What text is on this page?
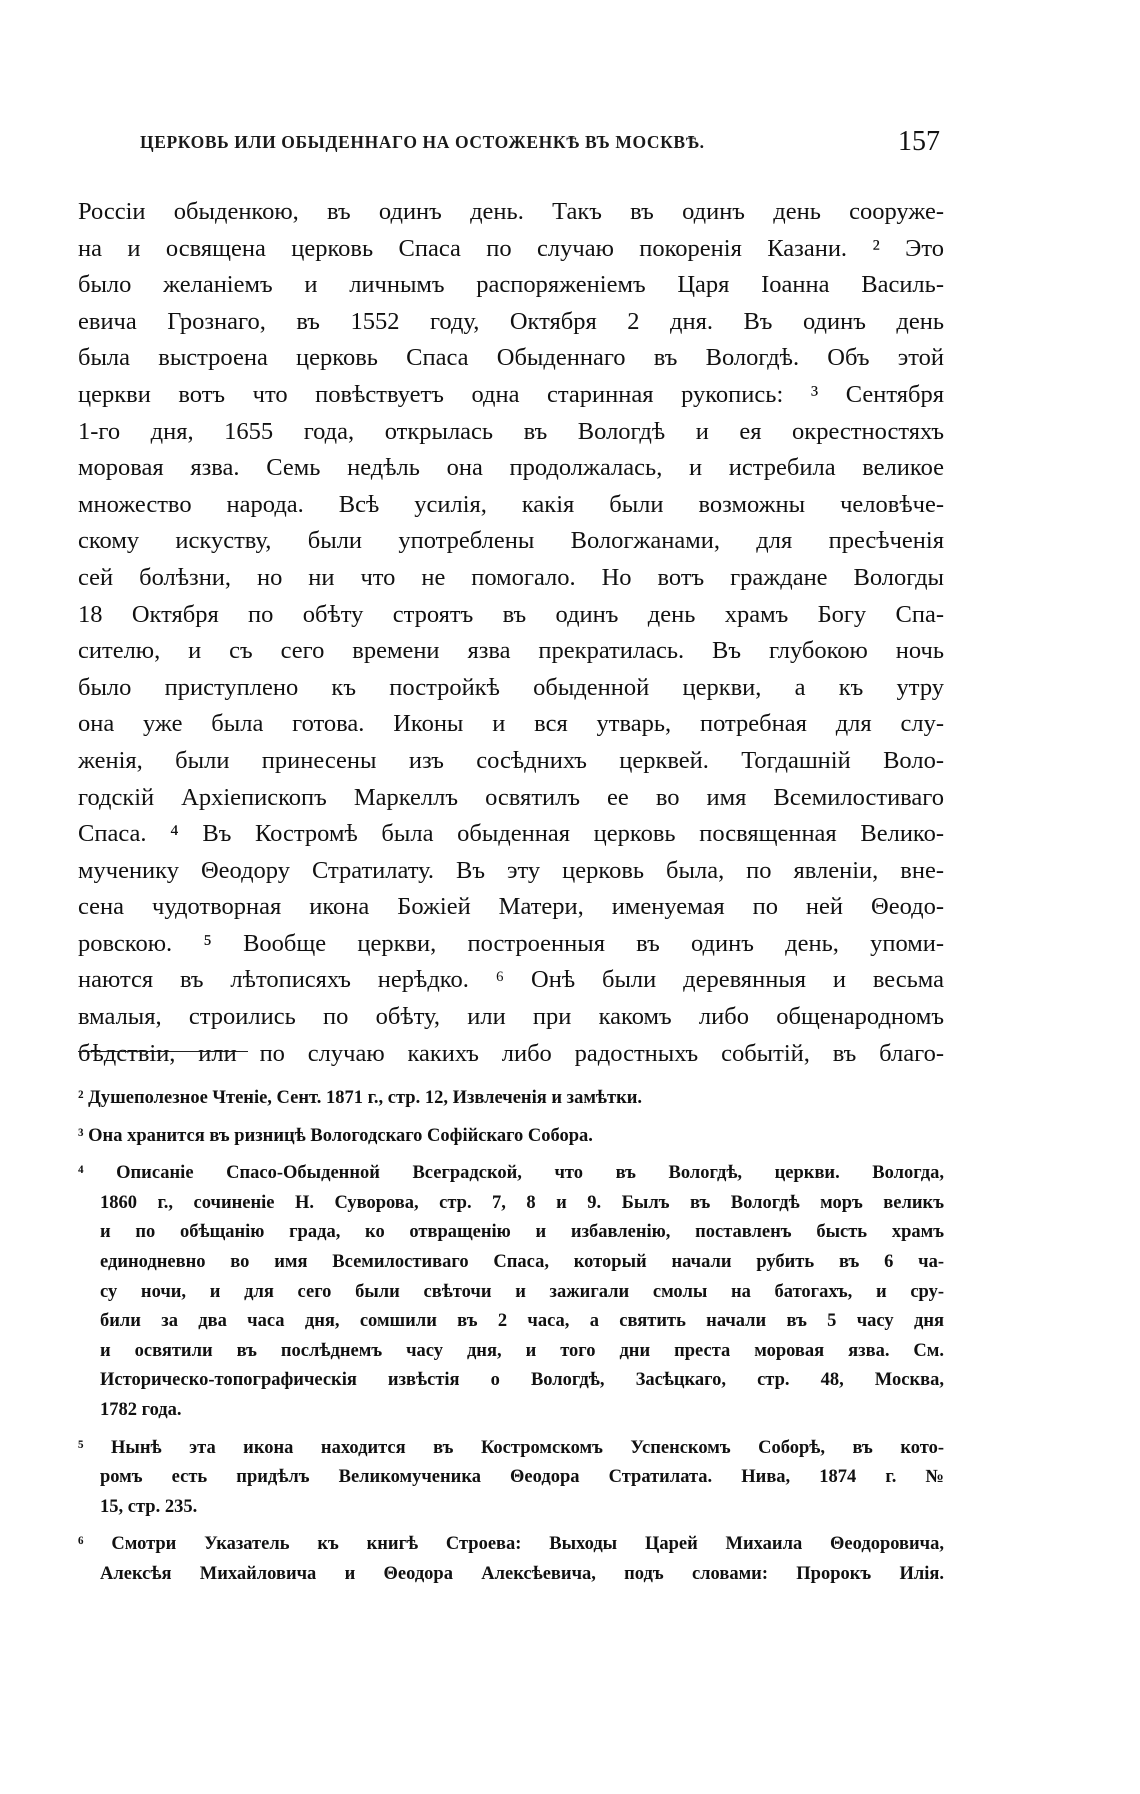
ЦЕРКОВЬ ИЛИ ОБЫДЕННАГО НА ОСТОЖЕНКѢ ВЪ МОСКВѢ.	157
Россіи обыденкою, въ одинъ день. Такъ въ одинъ день сооруже-
на и освящена церковь Спаса по случаю покоренія Казани. ² Это
было желаніемъ и личнымъ распоряженіемъ Царя Іоанна Василь-
евича Грознаго, въ 1552 году, Октября 2 дня. Въ одинъ день
была выстроена церковь Спаса Обыденнаго въ Вологдѣ. Объ этой
церкви вотъ что повѣствуетъ одна старинная рукопись: ³ Сентября
1-го дня, 1655 года, открылась въ Вологдѣ и ея окрестностяхъ
моровая язва. Семь недѣль она продолжалась, и истребила великое
множество народа. Всѣ усилія, какія были возможны человѣче-
скому искуству, были употреблены Вологжанами, для пресѣченія
сей болѣзни, но ни что не помогало. Но вотъ граждане Вологды
18 Октября по обѣту строятъ въ одинъ день храмъ Богу Спа-
сителю, и съ сего времени язва прекратилась. Въ глубокою ночь
было приступлено къ постройкѣ обыденной церкви, а къ утру
она уже была готова. Иконы и вся утварь, потребная для слу-
женія, были принесены изъ сосѣднихъ церквей. Тогдашній Воло-
годскій Архіепископъ Маркеллъ освятилъ ее во имя Всемилостиваго
Спаса. ⁴ Въ Костромѣ была обыденная церковь посвященная Велико-
мученику Θеодору Стратилату. Въ эту церковь была, по явленіи, вне-
сена чудотворная икона Божіей Матери, именуемая по ней Θеодо-
ровскою. ⁵ Вообще церкви, построенныя въ одинъ день, упоми-
наются въ лѣтописяхъ нерѣдко. ⁶ Онѣ были деревянныя и весьма
вмалыя, строились по обѣту, или при какомъ либо общенародномъ
бѣдствіи, или по случаю какихъ либо радостныхъ событій, въ благо-
² Душеполезное Чтеніе, Сент. 1871 г., стр. 12, Извлеченія и замѣтки.
³ Она хранится въ ризницѣ Вологодскаго Софійскаго Собора.
⁴ Описаніе Спасо-Обыденной Всеградской, что въ Вологдѣ, церкви. Вологда,
1860 г., сочиненіе Н. Суворова, стр. 7, 8 и 9. Былъ въ Вологдѣ моръ великъ
и по обѣщанію града, ко отвращенію и избавленію, поставленъ бысть храмъ
единодневно во имя Всемилостиваго Спаса, который начали рубить въ 6 ча-
су ночи, и для сего были свѣточи и зажигали смолы на батогахъ, и сру-
били за два часа дня, сомшили въ 2 часа, а святить начали въ 5 часу дня
и освятили въ послѣднемъ часу дня, и того дни преста моровая язва. См.
Историческо-топографическія извѣстія о Вологдѣ, Засѣцкаго, стр. 48, Москва,
1782 года.
⁵ Нынѣ эта икона находится въ Костромскомъ Успенскомъ Соборѣ, въ кото-
ромъ есть придѣлъ Великомученика Θеодора Стратилата. Нива, 1874 г. №
15, стр. 235.
⁶ Смотри Указатель къ книгѣ Строева: Выходы Царей Михаила Θеодоровича,
Алексѣя Михайловича и Θеодора Алексѣевича, подъ словами: Пророкъ Илія.
